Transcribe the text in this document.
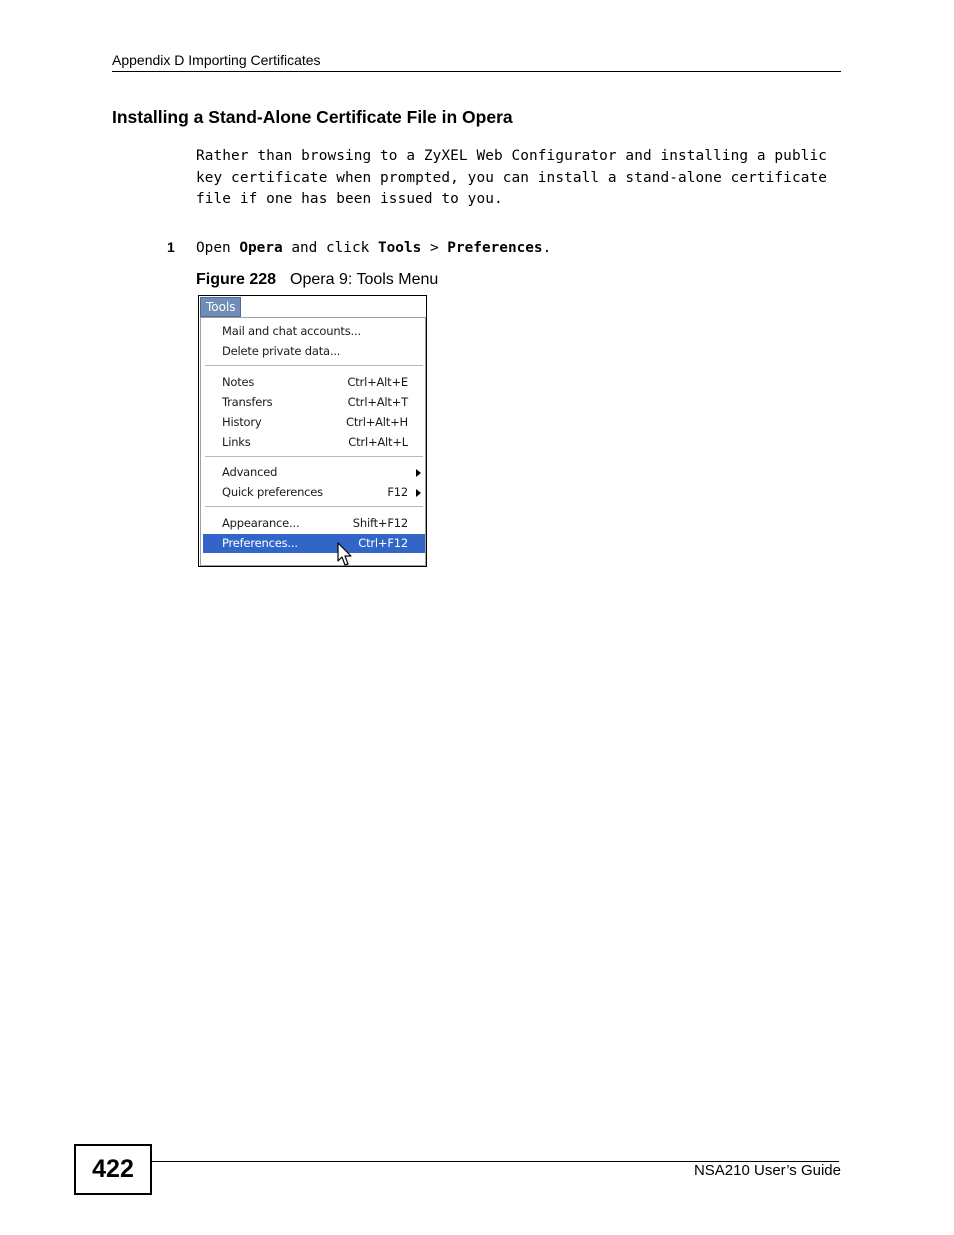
Appendix D Importing Certificates
Installing a Stand-Alone Certificate File in Opera
Rather than browsing to a ZyXEL Web Configurator and installing a public key certificate when prompted, you can install a stand-alone certificate file if one has been issued to you.
1 Open Opera and click Tools > Preferences.
Figure 228 Opera 9: Tools Menu
Tools
Mail and chat accounts...
Delete private data...
Notes	Ctrl+Alt+E
Transfers	Ctrl+Alt+T
History	Ctrl+Alt+H
Links	Ctrl+Alt+L
Advanced
Quick preferences	F12
Appearance...	Shift+F12
Preferences...	Ctrl+F12
422	NSA210 User’s Guide
